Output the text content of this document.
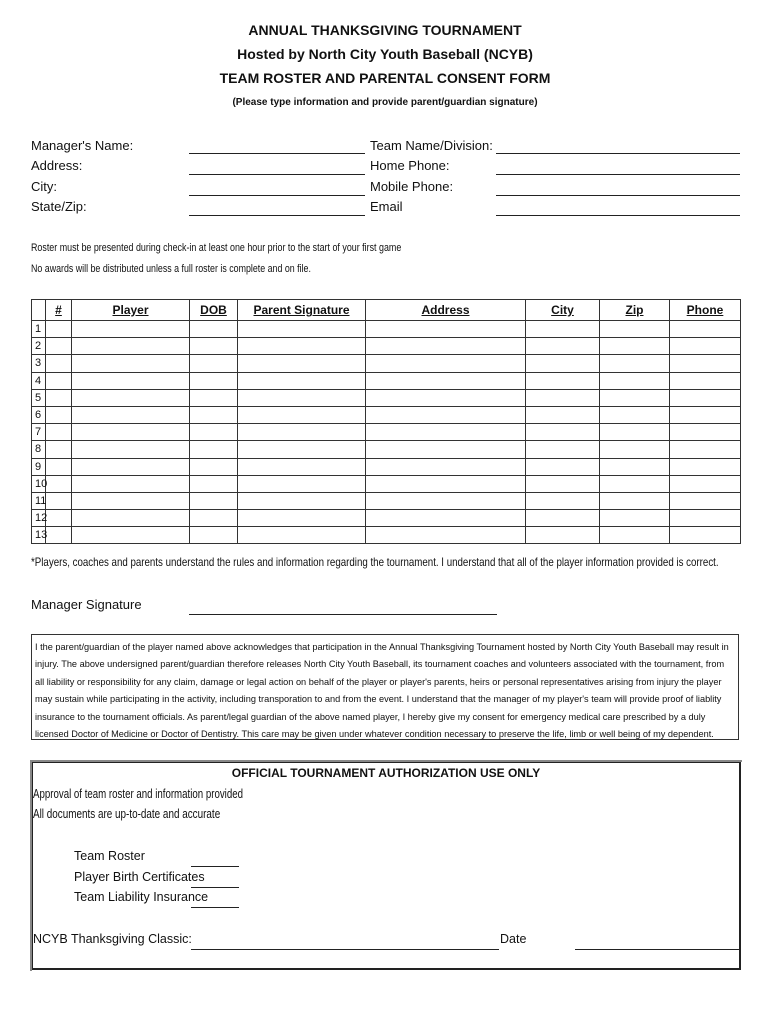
ANNUAL THANKSGIVING TOURNAMENT
Hosted by North City Youth Baseball (NCYB)
TEAM ROSTER AND PARENTAL CONSENT FORM
(Please type information and provide parent/guardian signature)
Manager's Name:
Address:
City:
State/Zip:
Team Name/Division:
Home Phone:
Mobile Phone:
Email
Roster must be presented during check-in at least one hour prior to the start of your first game
No awards will be distributed unless a full roster is complete and on file.
	#	Player	DOB	Parent Signature	Address	City	Zip	Phone
1								
2								
3								
4								
5								
6								
7								
8								
9								
10								
11								
12								
13								
*Players, coaches and parents understand the rules and information regarding the tournament. I understand that all of the player information provided is correct.
Manager Signature
I the parent/guardian of the player named above acknowledges that participation in the Annual Thanksgiving Tournament hosted by North City Youth Baseball may result in injury. The above undersigned parent/guardian therefore releases North City Youth Baseball, its tournament coaches and volunteers associated with the tournament, from all liability or responsibility for any claim, damage or legal action on behalf of the player or player's parents, heirs or personal representatives arising from injury the player may sustain while participating in the activity, including transporation to and from the event. I understand that the manager of my player's team will provide proof of liablity insurance to the tournament officials. As parent/legal guardian of the above named player, I hereby give my consent for emergency medical care prescribed by a duly licensed Doctor of Medicine or Doctor of Dentistry. This care may be given under whatever condition necessary to preserve the life, limb or well being of my dependent.
OFFICIAL TOURNAMENT AUTHORIZATION USE ONLY
Approval of team roster and information provided
All documents are up-to-date and accurate
Team Roster
Player Birth Certificates
Team Liability Insurance
NCYB Thanksgiving Classic:	Date
